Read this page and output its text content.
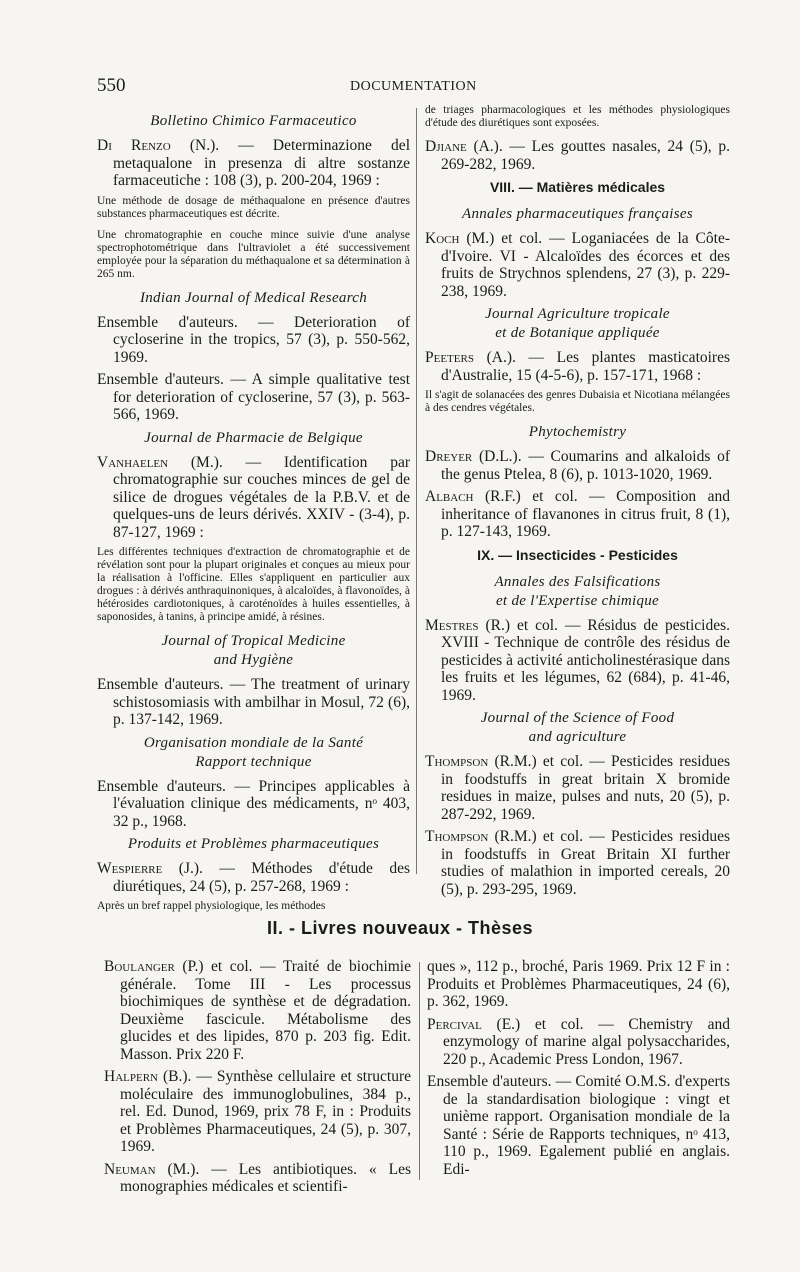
550	DOCUMENTATION
Bolletino Chimico Farmaceutico

Di Renzo (N.). — Determinazione del metaqualone in presenza di altre sostanze farmaceutiche : 108 (3), p. 200-204, 1969 :

Une méthode de dosage de méthaqualone en présence d'autres substances pharmaceutiques est décrite.

Une chromatographie en couche mince suivie d'une analyse spectrophotométrique dans l'ultraviolet a été successivement employée pour la séparation du méthaqualone et sa détermination à 265 nm.

Indian Journal of Medical Research

Ensemble d'auteurs. — Deterioration of cycloserine in the tropics, 57 (3), p. 550-562, 1969.

Ensemble d'auteurs. — A simple qualitative test for deterioration of cycloserine, 57 (3), p. 563-566, 1969.

Journal de Pharmacie de Belgique

Vanhaelen (M.). — Identification par chromatographie sur couches minces de gel de silice de drogues végétales de la P.B.V. et de quelques-uns de leurs dérivés. XXIV - (3-4), p. 87-127, 1969 :

Les différentes techniques d'extraction de chromatographie et de révélation sont pour la plupart originales et conçues au mieux pour la réalisation à l'officine. Elles s'appliquent en particulier aux drogues : à dérivés anthraquinoniques, à alcaloïdes, à flavonoïdes, à hétérosides cardiotoniques, à caroténoïdes à huiles essentielles, à saponosides, à tanins, à principe amidé, à résines.

Journal of Tropical Medicine
and Hygiène

Ensemble d'auteurs. — The treatment of urinary schistosomiasis with ambilhar in Mosul, 72 (6), p. 137-142, 1969.

Organisation mondiale de la Santé
Rapport technique

Ensemble d'auteurs. — Principes applicables à l'évaluation clinique des médicaments, nᵒ 403, 32 p., 1968.

Produits et Problèmes pharmaceutiques

Wespierre (J.). — Méthodes d'étude des diurétiques, 24 (5), p. 257-268, 1969 :

Après un bref rappel physiologique, les méthodes

de triages pharmacologiques et les méthodes physiologiques d'étude des diurétiques sont exposées.

Djiane (A.). — Les gouttes nasales, 24 (5), p. 269-282, 1969.

VIII. — Matières médicales
Annales pharmaceutiques françaises

Koch (M.) et col. — Loganiacées de la Côte-d'Ivoire. VI - Alcaloïdes des écorces et des fruits de Strychnos splendens, 27 (3), p. 229-238, 1969.

Journal Agriculture tropicale
et de Botanique appliquée

Peeters (A.). — Les plantes masticatoires d'Australie, 15 (4-5-6), p. 157-171, 1968 :

Il s'agit de solanacées des genres Dubaisia et Nicotiana mélangées à des cendres végétales.

Phytochemistry

Dreyer (D.L.). — Coumarins and alkaloids of the genus Ptelea, 8 (6), p. 1013-1020, 1969.

Albach (R.F.) et col. — Composition and inheritance of flavanones in citrus fruit, 8 (1), p. 127-143, 1969.

IX. — Insecticides - Pesticides
Annales des Falsifications
et de l'Expertise chimique

Mestres (R.) et col. — Résidus de pesticides. XVIII - Technique de contrôle des résidus de pesticides à activité anticholinestérasique dans les fruits et les légumes, 62 (684), p. 41-46, 1969.

Journal of the Science of Food
and agriculture

Thompson (R.M.) et col. — Pesticides residues in foodstuffs in great britain X bromide residues in maize, pulses and nuts, 20 (5), p. 287-292, 1969.

Thompson (R.M.) et col. — Pesticides residues in foodstuffs in Great Britain XI further studies of malathion in imported cereals, 20 (5), p. 293-295, 1969.

II. - Livres nouveaux - Thèses

Boulanger (P.) et col. — Traité de biochimie générale. Tome III - Les processus biochimiques de synthèse et de dégradation. Deuxième fascicule. Métabolisme des glucides et des lipides, 870 p. 203 fig. Edit. Masson. Prix 220 F.

Halpern (B.). — Synthèse cellulaire et structure moléculaire des immunoglobulines, 384 p., rel. Ed. Dunod, 1969, prix 78 F, in : Produits et Problèmes Pharmaceutiques, 24 (5), p. 307, 1969.

Neuman (M.). — Les antibiotiques. « Les monographies médicales et scientifi-

ques », 112 p., broché, Paris 1969. Prix 12 F in : Produits et Problèmes Pharmaceutiques, 24 (6), p. 362, 1969.

Percival (E.) et col. — Chemistry and enzymology of marine algal polysaccharides, 220 p., Academic Press London, 1967.

Ensemble d'auteurs. — Comité O.M.S. d'experts de la standardisation biologique : vingt et unième rapport. Organisation mondiale de la Santé : Série de Rapports techniques, nᵒ 413, 110 p., 1969. Egalement publié en anglais. Edi-
